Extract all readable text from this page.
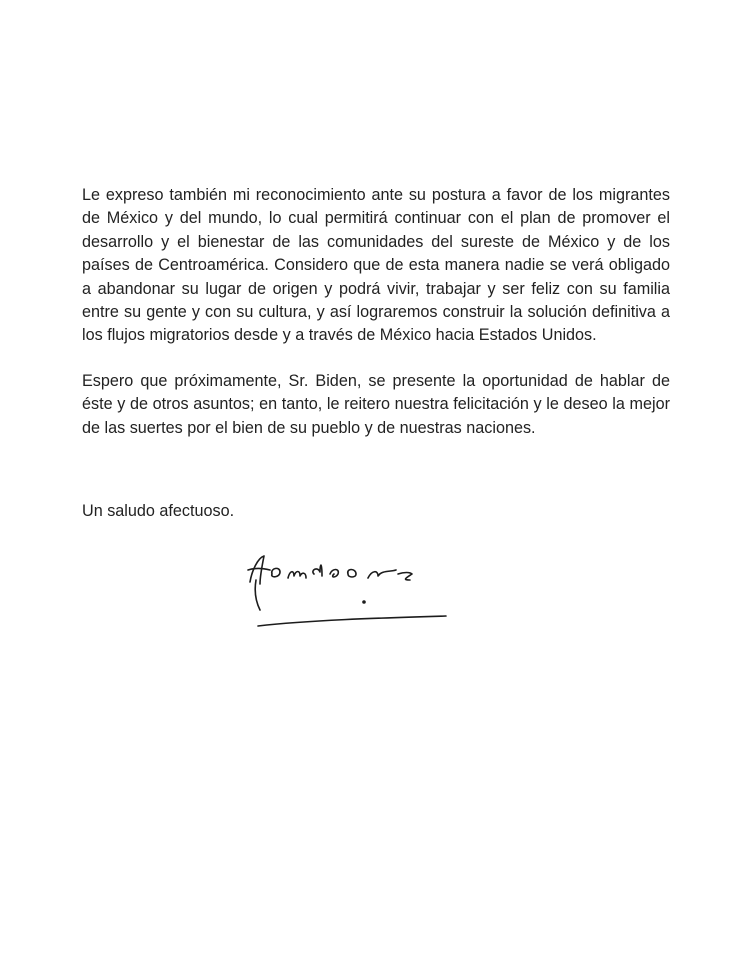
Le expreso también mi reconocimiento ante su postura a favor de los migrantes de México y del mundo, lo cual permitirá continuar con el plan de promover el desarrollo y el bienestar de las comunidades del sureste de México y de los países de Centroamérica. Considero que de esta manera nadie se verá obligado a abandonar su lugar de origen y podrá vivir, trabajar y ser feliz con su familia entre su gente y con su cultura, y así lograremos construir la solución definitiva a los flujos migratorios desde y a través de México hacia Estados Unidos.

Espero que próximamente, Sr. Biden, se presente la oportunidad de hablar de éste y de otros asuntos; en tanto, le reitero nuestra felicitación y le deseo la mejor de las suertes por el bien de su pueblo y de nuestras naciones.

Un saludo afectuoso.
